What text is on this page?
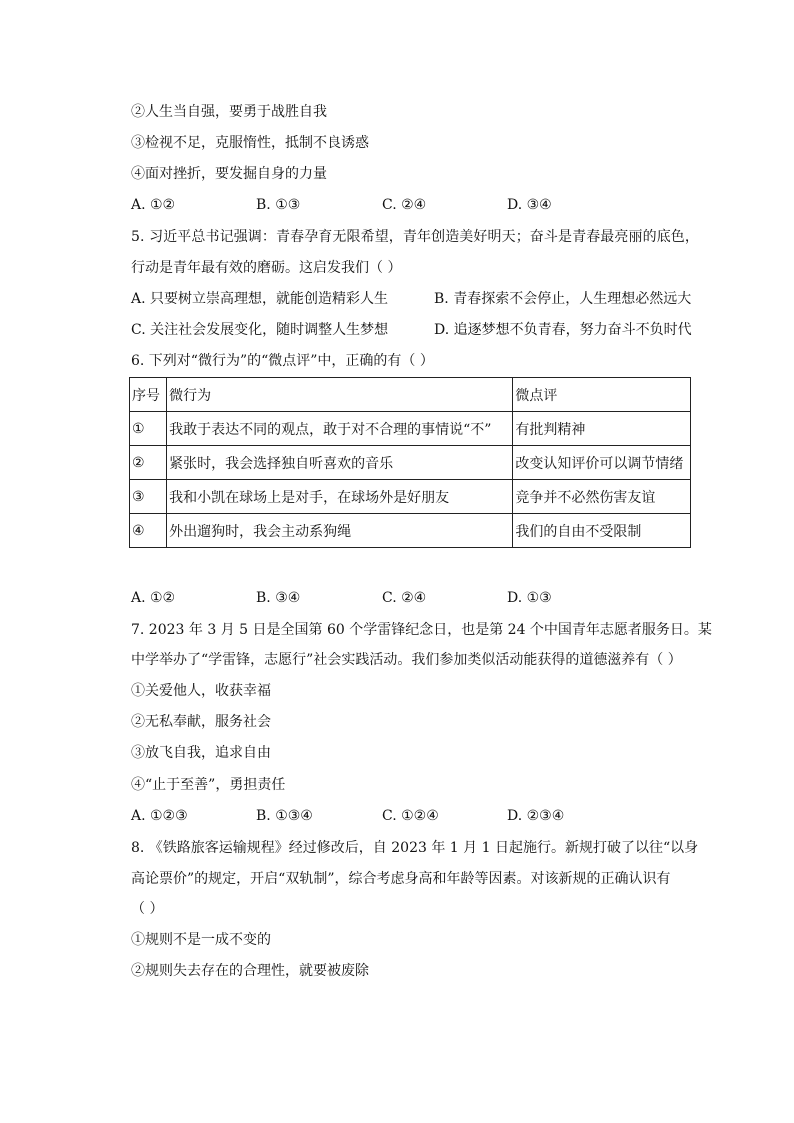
②人生当自强，要勇于战胜自我
③检视不足，克服惰性，抵制不良诱惑
④面对挫折，要发掘自身的力量
A. ①②	B. ①③	C. ②④	D. ③④
5. 习近平总书记强调：青春孕育无限希望，青年创造美好明天；奋斗是青春最亮丽的底色，
行动是青年最有效的磨砺。这启发我们（ ）
A. 只要树立崇高理想，就能创造精彩人生	B. 青春探索不会停止，人生理想必然远大
C. 关注社会发展变化，随时调整人生梦想	D. 追逐梦想不负青春，努力奋斗不负时代
6. 下列对“微行为”的“微点评”中，正确的有（ ）
序号	微行为	微点评
①	我敢于表达不同的观点，敢于对不合理的事情说“不”	有批判精神
②	紧张时，我会选择独自听喜欢的音乐	改变认知评价可以调节情绪
③	我和小凯在球场上是对手，在球场外是好朋友	竞争并不必然伤害友谊
④	外出遛狗时，我会主动系狗绳	我们的自由不受限制
A. ①②	B. ③④	C. ②④	D. ①③
7. 2023 年 3 月 5 日是全国第 60 个学雷锋纪念日，也是第 24 个中国青年志愿者服务日。某
中学举办了“学雷锋，志愿行”社会实践活动。我们参加类似活动能获得的道德滋养有（ ）
①关爱他人，收获幸福
②无私奉献，服务社会
③放飞自我，追求自由
④“止于至善”，勇担责任
A. ①②③	B. ①③④	C. ①②④	D. ②③④
8. 《铁路旅客运输规程》经过修改后，自 2023 年 1 月 1 日起施行。新规打破了以往“以身
高论票价”的规定，开启“双轨制”，综合考虑身高和年龄等因素。对该新规的正确认识有
（ ）
①规则不是一成不变的
②规则失去存在的合理性，就要被废除
